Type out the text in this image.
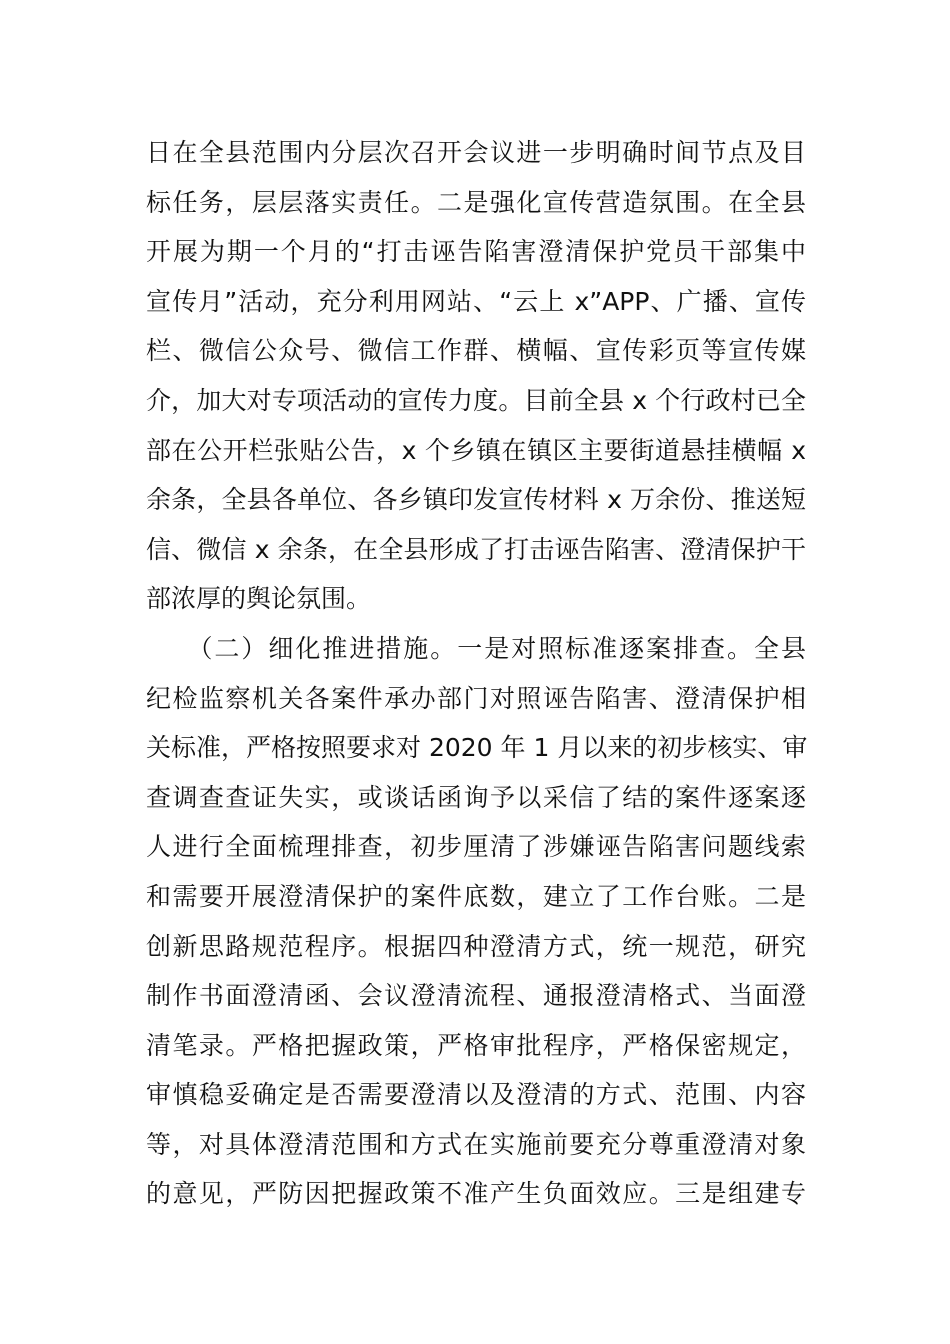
日在全县范围内分层次召开会议进一步明确时间节点及目
标任务，层层落实责任。二是强化宣传营造氛围。在全县
开展为期一个月的“打击诬告陷害澄清保护党员干部集中
宣传月”活动，充分利用网站、“云上 x”APP、广播、宣传
栏、微信公众号、微信工作群、横幅、宣传彩页等宣传媒
介，加大对专项活动的宣传力度。目前全县 x 个行政村已全
部在公开栏张贴公告，x 个乡镇在镇区主要街道悬挂横幅 x
余条，全县各单位、各乡镇印发宣传材料 x 万余份、推送短
信、微信 x 余条，在全县形成了打击诬告陷害、澄清保护干
部浓厚的舆论氛围。
　　（二）细化推进措施。一是对照标准逐案排查。全县
纪检监察机关各案件承办部门对照诬告陷害、澄清保护相
关标准，严格按照要求对 2020 年 1 月以来的初步核实、审
查调查查证失实，或谈话函询予以采信了结的案件逐案逐
人进行全面梳理排查，初步厘清了涉嫌诬告陷害问题线索
和需要开展澄清保护的案件底数，建立了工作台账。二是
创新思路规范程序。根据四种澄清方式，统一规范，研究
制作书面澄清函、会议澄清流程、通报澄清格式、当面澄
清笔录。严格把握政策，严格审批程序，严格保密规定，
审慎稳妥确定是否需要澄清以及澄清的方式、范围、内容
等，对具体澄清范围和方式在实施前要充分尊重澄清对象
的意见，严防因把握政策不准产生负面效应。三是组建专
